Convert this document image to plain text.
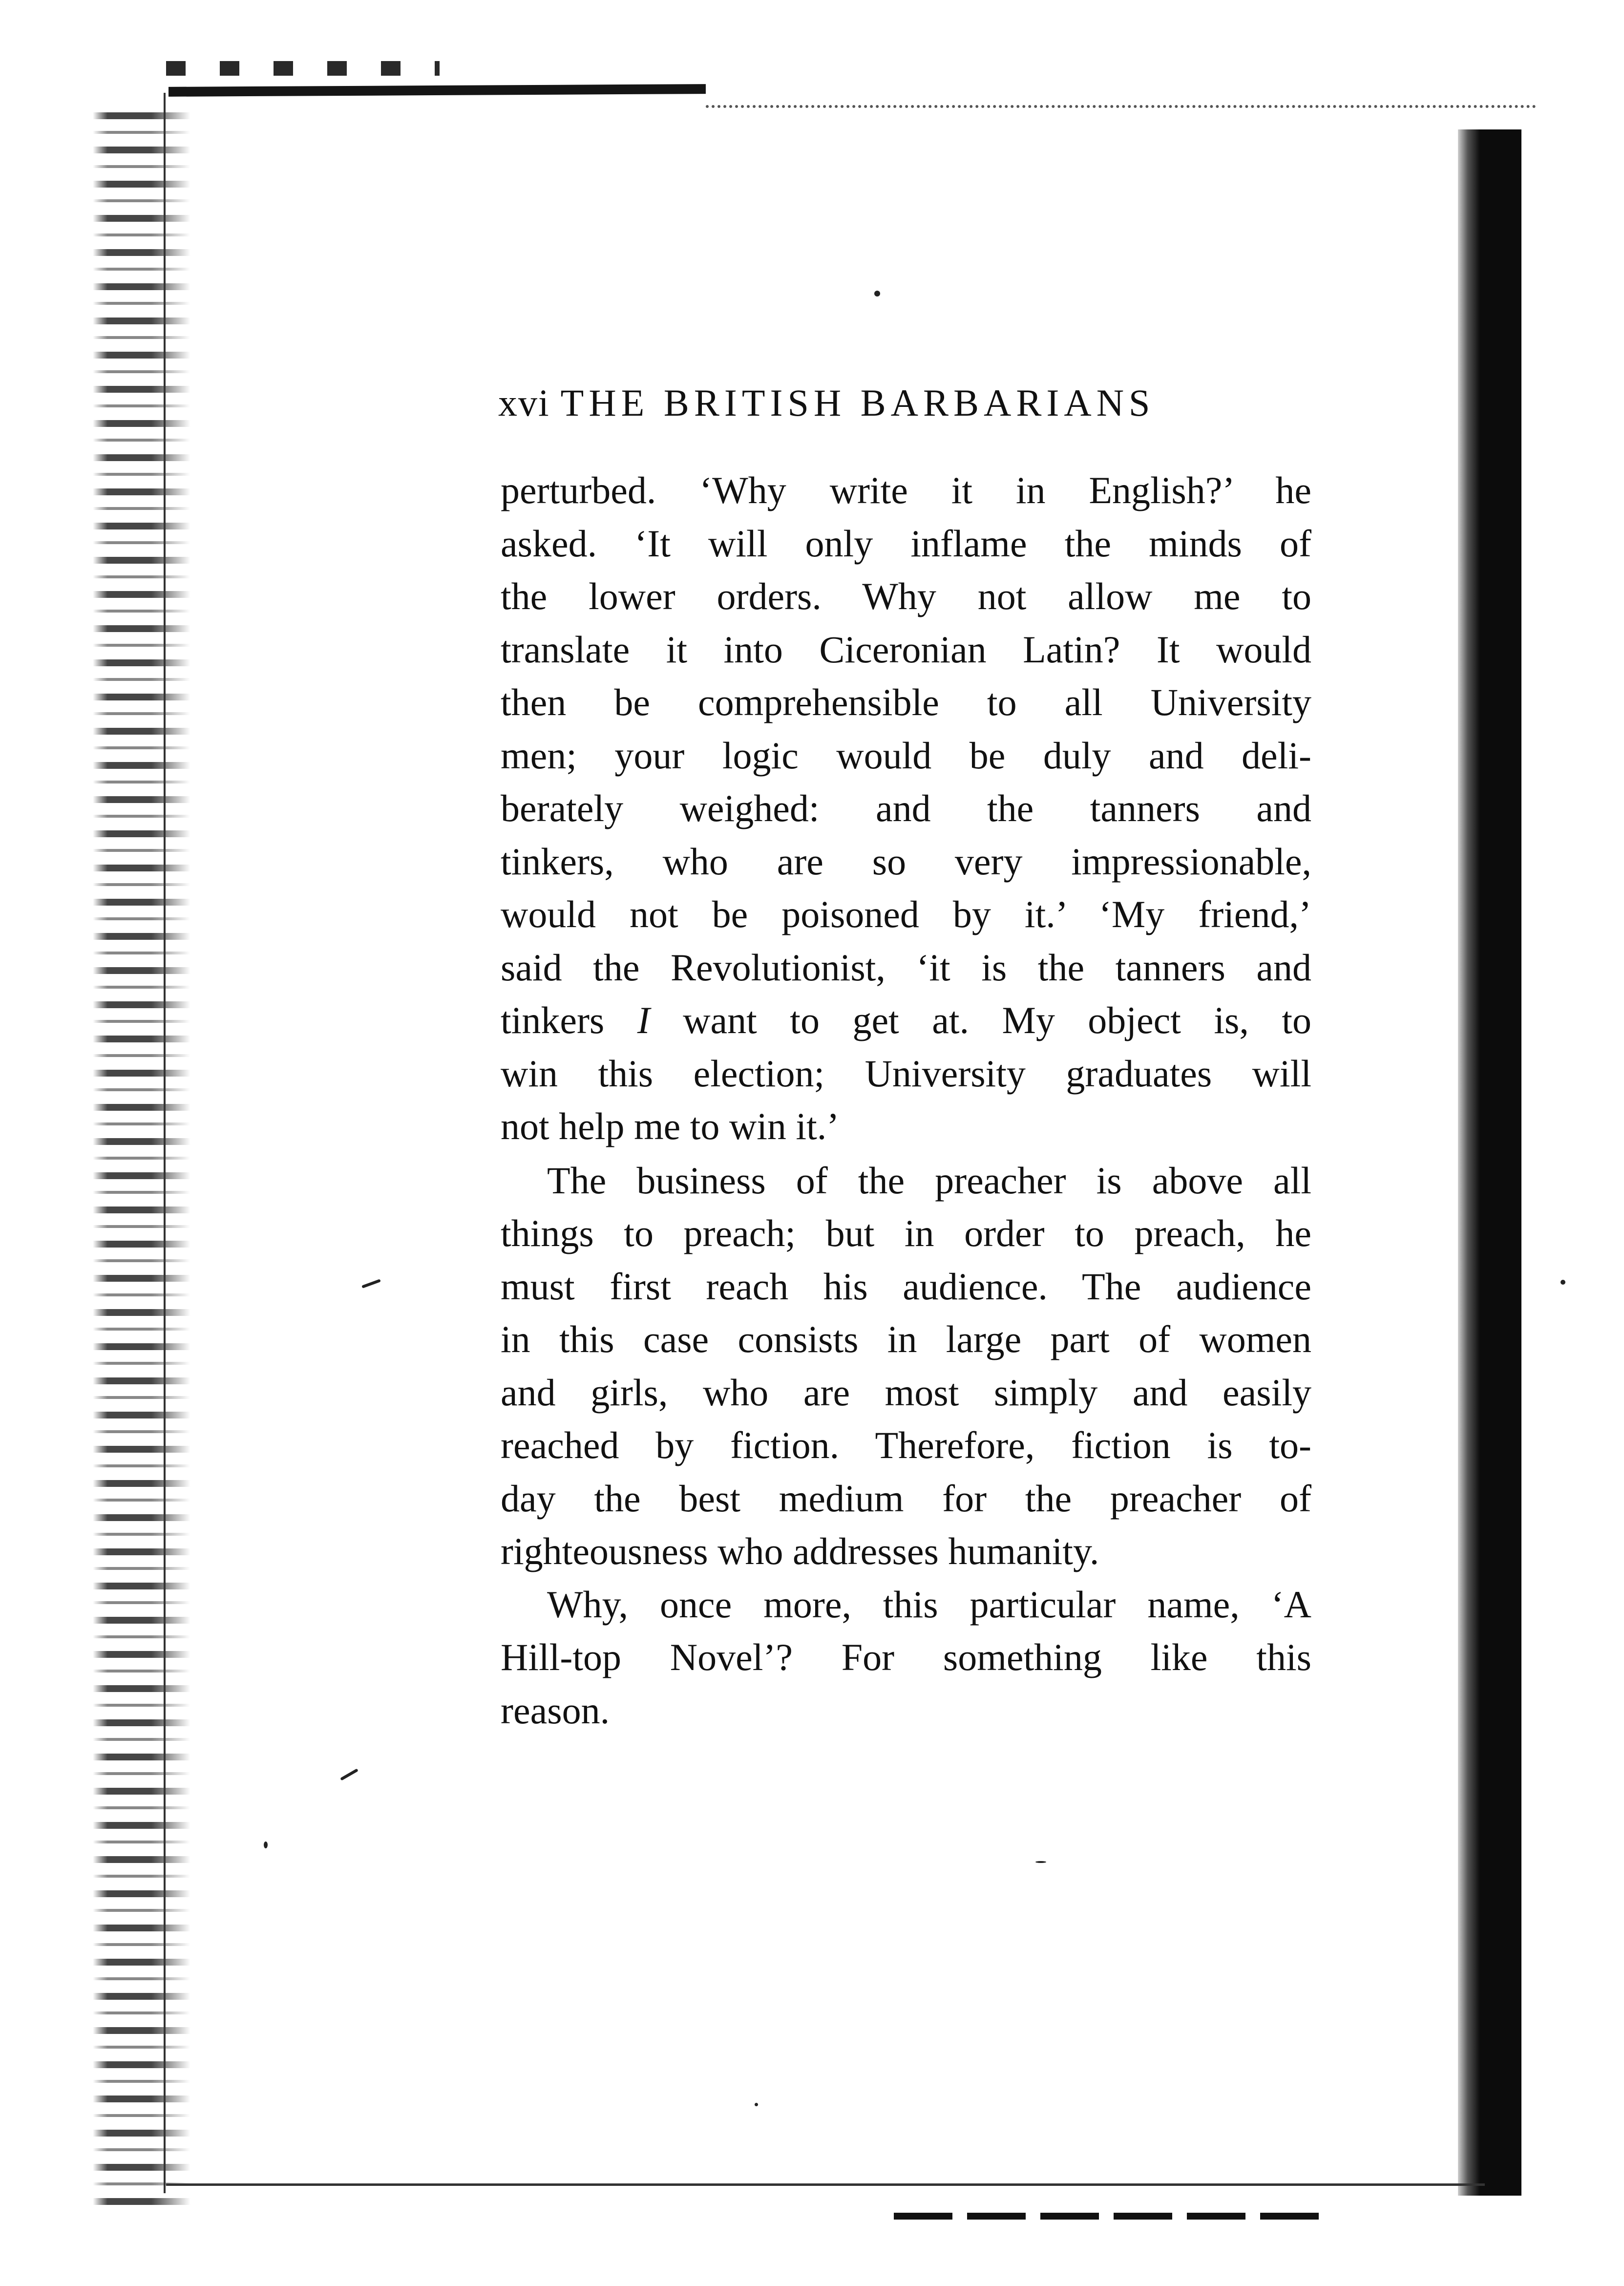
xvi THE BRITISH BARBARIANS
perturbed. ‘Why write it in English?’ he
asked. ‘It will only inflame the minds of
the lower orders. Why not allow me to
translate it into Ciceronian Latin? It would
then be comprehensible to all University
men; your logic would be duly and deli-
berately weighed: and the tanners and
tinkers, who are so very impressionable,
would not be poisoned by it.’ ‘My friend,’
said the Revolutionist, ‘it is the tanners and
tinkers I want to get at. My object is, to
win this election; University graduates will
not help me to win it.’
The business of the preacher is above all
things to preach; but in order to preach, he
must first reach his audience. The audience
in this case consists in large part of women
and girls, who are most simply and easily
reached by fiction. Therefore, fiction is to-
day the best medium for the preacher of
righteousness who addresses humanity.
Why, once more, this particular name, ‘A
Hill-top Novel’? For something like this
reason.
